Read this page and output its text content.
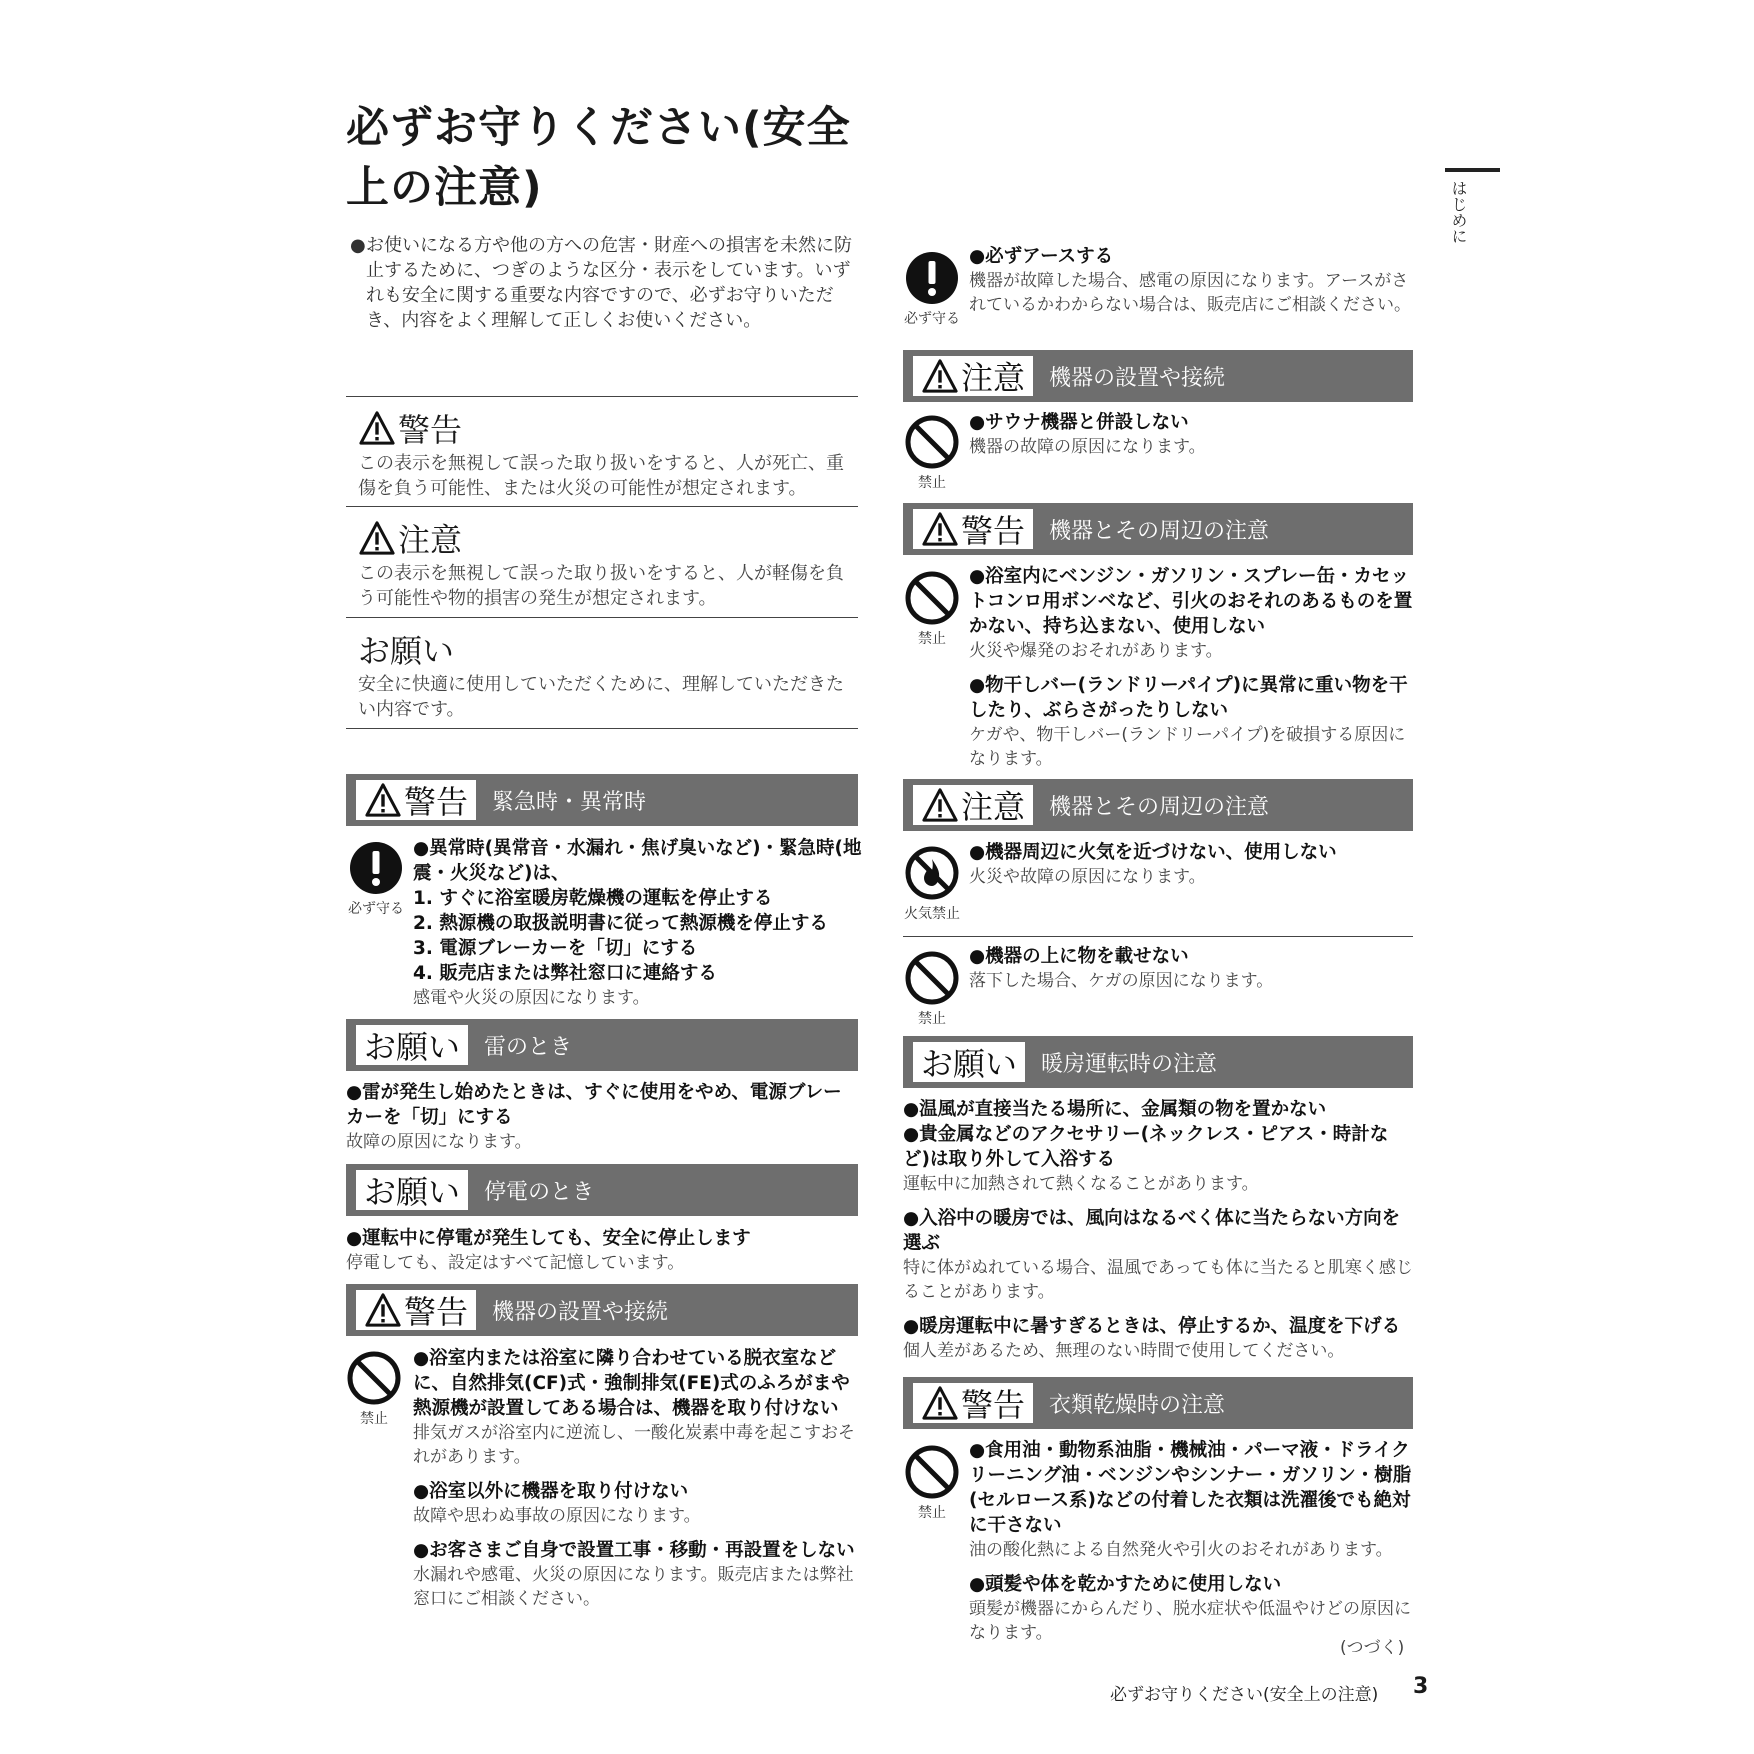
必ずお守りください(安全上の注意)	はじめに
● お使いになる方や他の方への危害・財産への損害を未然に防止するために、つぎのような区分・表示をしています。いずれも安全に関する重要な内容ですので、必ずお守りいただき、内容をよく理解して正しくお使いください。
警告
この表示を無視して誤った取り扱いをすると、人が死亡、重傷を負う可能性、または火災の可能性が想定されます。
注意
この表示を無視して誤った取り扱いをすると、人が軽傷を負う可能性や物的損害の発生が想定されます。
お願い
安全に快適に使用していただくために、理解していただきたい内容です。
警告 緊急時・異常時
必ず守る
●異常時(異常音・水漏れ・焦げ臭いなど)・緊急時(地震・火災など)は、
1. すぐに浴室暖房乾燥機の運転を停止する
2. 熱源機の取扱説明書に従って熱源機を停止する
3. 電源ブレーカーを「切」にする
4. 販売店または弊社窓口に連絡する
感電や火災の原因になります。
お願い 雷のとき
●雷が発生し始めたときは、すぐに使用をやめ、電源ブレーカーを「切」にする
故障の原因になります。
お願い 停電のとき
●運転中に停電が発生しても、安全に停止します
停電しても、設定はすべて記憶しています。
警告 機器の設置や接続
禁止
●浴室内または浴室に隣り合わせている脱衣室などに、自然排気(CF)式・強制排気(FE)式のふろがまや熱源機が設置してある場合は、機器を取り付けない
排気ガスが浴室内に逆流し、一酸化炭素中毒を起こすおそれがあります。
●浴室以外に機器を取り付けない
故障や思わぬ事故の原因になります。
●お客さまご自身で設置工事・移動・再設置をしない
水漏れや感電、火災の原因になります。販売店または弊社窓口にご相談ください。
必ず守る
●必ずアースする
機器が故障した場合、感電の原因になります。アースがされているかわからない場合は、販売店にご相談ください。
注意 機器の設置や接続
禁止
●サウナ機器と併設しない
機器の故障の原因になります。
警告 機器とその周辺の注意
禁止
●浴室内にベンジン・ガソリン・スプレー缶・カセットコンロ用ボンベなど、引火のおそれのあるものを置かない、持ち込まない、使用しない
火災や爆発のおそれがあります。
●物干しバー(ランドリーパイプ)に異常に重い物を干したり、ぶらさがったりしない
ケガや、物干しバー(ランドリーパイプ)を破損する原因になります。
注意 機器とその周辺の注意
火気禁止
●機器周辺に火気を近づけない、使用しない
火災や故障の原因になります。
禁止
●機器の上に物を載せない
落下した場合、ケガの原因になります。
お願い 暖房運転時の注意
●温風が直接当たる場所に、金属類の物を置かない
●貴金属などのアクセサリー(ネックレス・ピアス・時計など)は取り外して入浴する
運転中に加熱されて熱くなることがあります。
●入浴中の暖房では、風向はなるべく体に当たらない方向を選ぶ
特に体がぬれている場合、温風であっても体に当たると肌寒く感じることがあります。
●暖房運転中に暑すぎるときは、停止するか、温度を下げる
個人差があるため、無理のない時間で使用してください。
警告 衣類乾燥時の注意
禁止
●食用油・動物系油脂・機械油・パーマ液・ドライクリーニング油・ベンジンやシンナー・ガソリン・樹脂(セルロース系)などの付着した衣類は洗濯後でも絶対に干さない
油の酸化熱による自然発火や引火のおそれがあります。
●頭髪や体を乾かすために使用しない
頭髪が機器にからんだり、脱水症状や低温やけどの原因になります。
(つづく)
必ずお守りください(安全上の注意) 3
